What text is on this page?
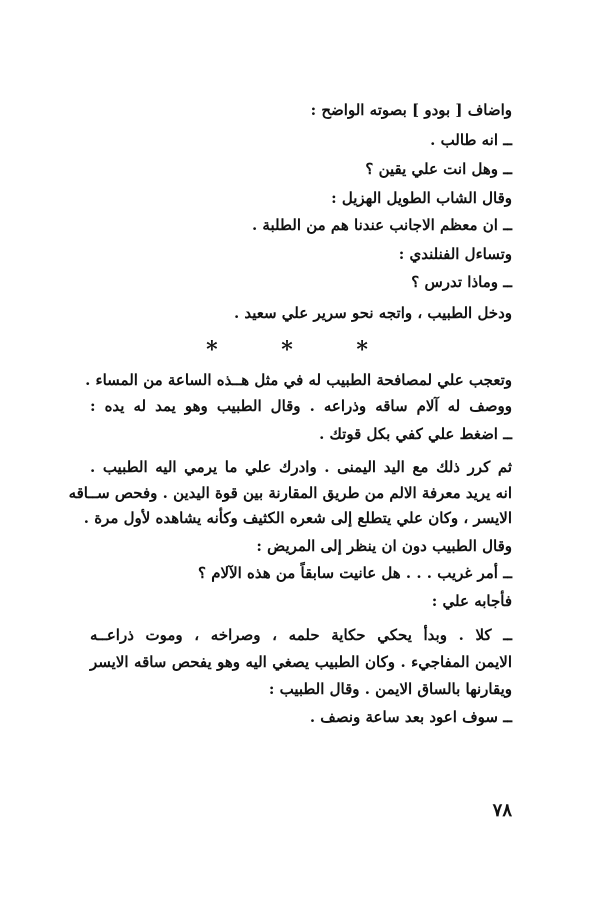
واضاف [ بودو ] بصوته الواضح :
ــ انه طالب .
ــ وهل انت علي يقين ؟
وقال الشاب الطويل الهزيل :
ــ ان معظم الاجانب عندنا هم من الطلبة .
وتساءل الفنلندي :
ــ وماذا تدرس ؟
ودخل الطبيب ، واتجه نحو سرير علي سعيد .
* * *
وتعجب علي لمصافحة الطبيب له في مثل هــذه الساعة من المساء .
ووصف له آلام ساقه وذراعه . وقال الطبيب وهو يمد له يده :
ــ اضغط علي كفي بكل قوتك .
ثم كرر ذلك مع اليد اليمنى . وادرك علي ما يرمي اليه الطبيب .
انه يريد معرفة الالم من طريق المقارنة بين قوة اليدين . وفحص ســاقه
الايسر ، وكان علي يتطلع إلى شعره الكثيف وكأنه يشاهده لأول مرة .
وقال الطبيب دون ان ينظر إلى المريض :
ــ أمر غريب . . . هل عانيت سابقاً من هذه الآلام ؟
فأجابه علي :
ــ كلا . وبدأ يحكي حكاية حلمه ، وصراخه ، وموت ذراعــه
الايمن المفاجيء . وكان الطبيب يصغي اليه وهو يفحص ساقه الايسر
ويقارنها بالساق الايمن . وقال الطبيب :
ــ سوف اعود بعد ساعة ونصف .
٧٨
